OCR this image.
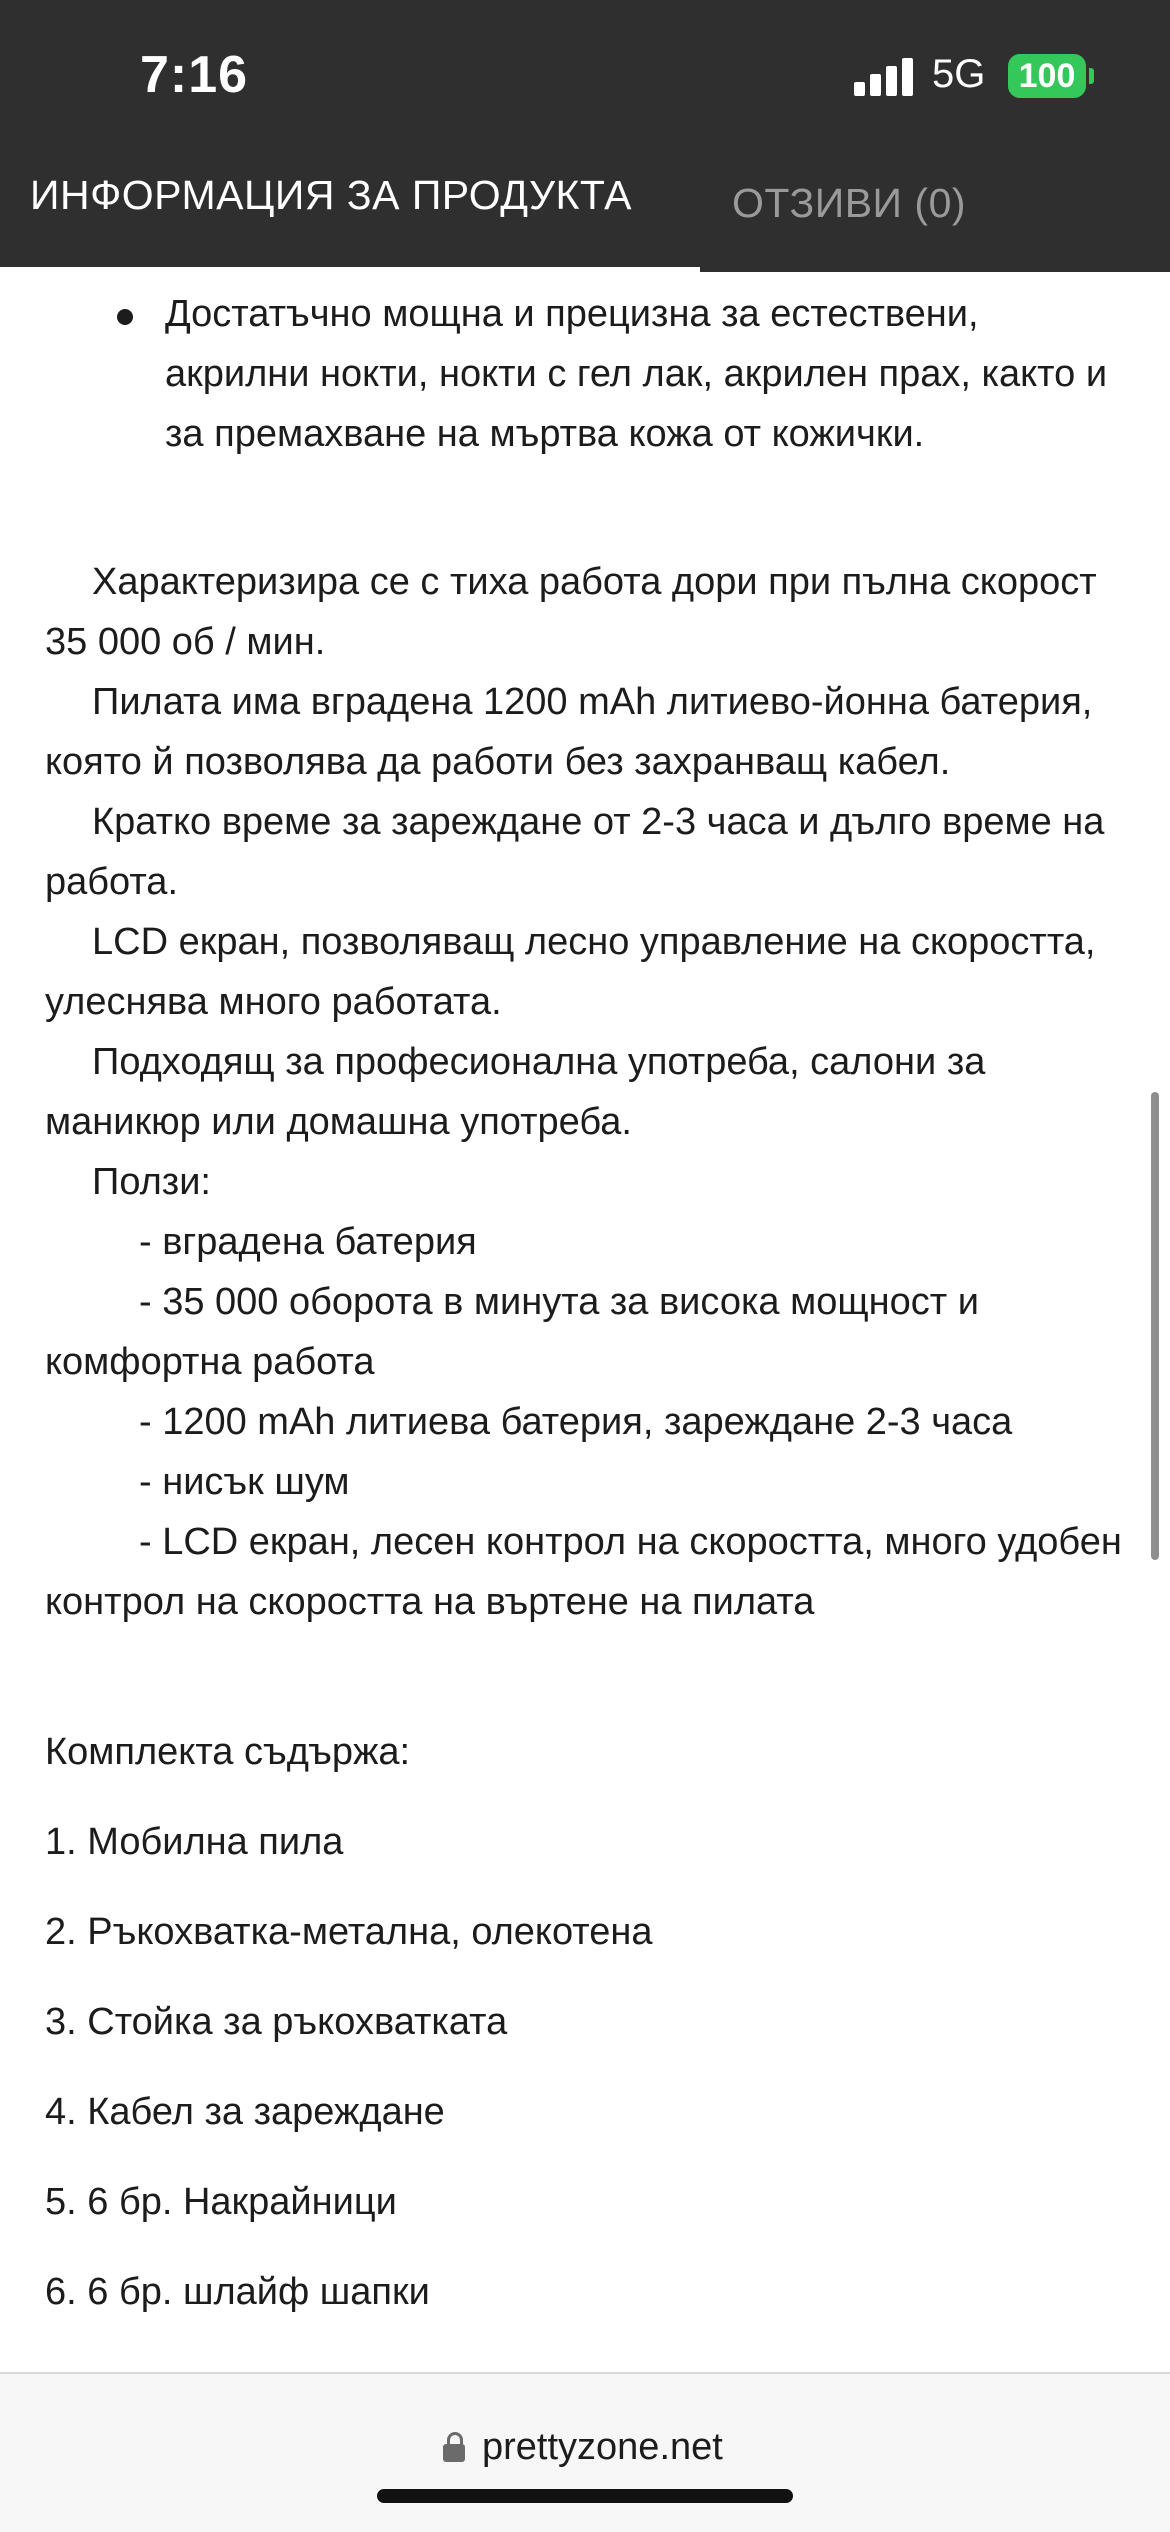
7:16	5G 100
ИНФОРМАЦИЯ ЗА ПРОДУКТА ОТЗИВИ (0)
Достатъчно мощна и прецизна за естествени, акрилни нокти, нокти с гел лак, акрилен прах, както и за премахване на мъртва кожа от кожички.

Характеризира се с тиха работа дори при пълна скорост 35 000 об / мин.

Пилата има вградена 1200 mAh литиево-йонна батерия, която й позволява да работи без захранващ кабел.

Кратко време за зареждане от 2-3 часа и дълго време на работа.

LCD екран, позволяващ лесно управление на скоростта, улеснява много работата.

Подходящ за професионална употреба, салони за маникюр или домашна употреба.

Ползи:

- вградена батерия

- 35 000 оборота в минута за висока мощност и комфортна работа

- 1200 mAh литиева батерия, зареждане 2-3 часа

- нисък шум

- LCD екран, лесен контрол на скоростта, много удобен контрол на скоростта на въртене на пилата

Комплекта съдържа:
1. Мобилна пила
2. Ръкохватка-метална, олекотена
3. Стойка за ръкохватката
4. Кабел за зареждане
5. 6 бр. Накрайници
6. 6 бр. шлайф шапки
prettyzone.net
